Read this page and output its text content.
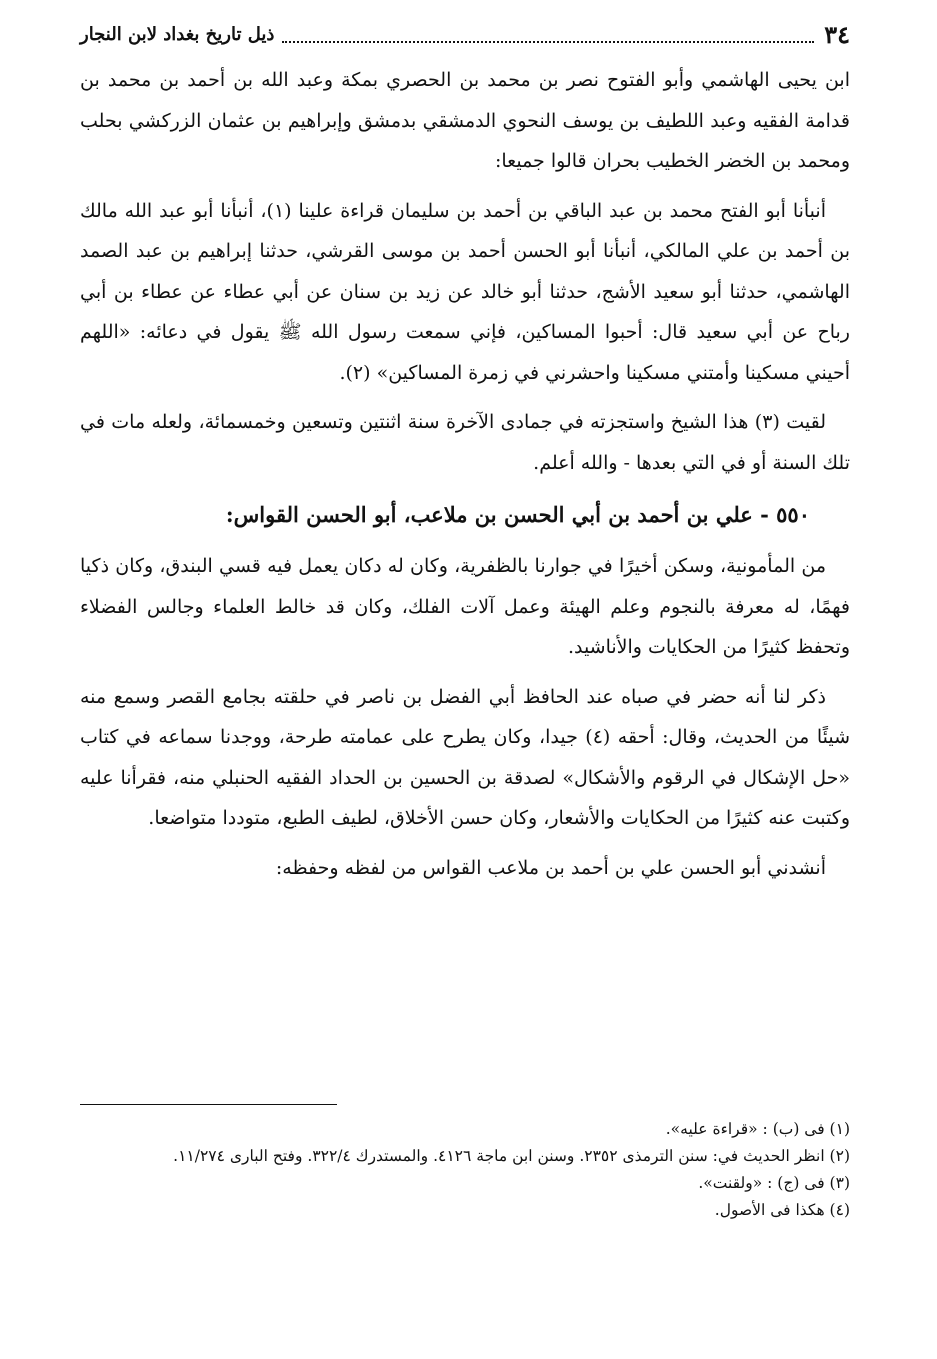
٣٤
ذيل تاريخ بغداد لابن النجار

ابن يحيى الهاشمي وأبو الفتوح نصر بن محمد بن الحصري بمكة وعبد الله بن أحمد بن محمد بن قدامة الفقيه وعبد اللطيف بن يوسف النحوي الدمشقي بدمشق وإبراهيم بن عثمان الزركشي بحلب ومحمد بن الخضر الخطيب بحران قالوا جميعا:

أنبأنا أبو الفتح محمد بن عبد الباقي بن أحمد بن سليمان قراءة علينا (١)، أنبأنا أبو عبد الله مالك بن أحمد بن علي المالكي، أنبأنا أبو الحسن أحمد بن موسى القرشي، حدثنا إبراهيم بن عبد الصمد الهاشمي، حدثنا أبو سعيد الأشج، حدثنا أبو خالد عن زيد بن سنان عن أبي عطاء عن عطاء بن أبي رباح عن أبي سعيد قال: أحبوا المساكين، فإني سمعت رسول الله ﷺ يقول في دعائه: «اللهم أحيني مسكينا وأمتني مسكينا واحشرني في زمرة المساكين» (٢).

لقيت (٣) هذا الشيخ واستجزته في جمادى الآخرة سنة اثنتين وتسعين وخمسمائة، ولعله مات في تلك السنة أو في التي بعدها - والله أعلم.

٥٥٠ - علي بن أحمد بن أبي الحسن بن ملاعب، أبو الحسن القواس:

من المأمونية، وسكن أخيرًا في جوارنا بالظفرية، وكان له دكان يعمل فيه قسي البندق، وكان ذكيا فهمًا، له معرفة بالنجوم وعلم الهيئة وعمل آلات الفلك، وكان قد خالط العلماء وجالس الفضلاء وتحفظ كثيرًا من الحكايات والأناشيد.

ذكر لنا أنه حضر في صباه عند الحافظ أبي الفضل بن ناصر في حلقته بجامع القصر وسمع منه شيئًا من الحديث، وقال: أحقه (٤) جيدا، وكان يطرح على عمامته طرحة، ووجدنا سماعه في كتاب «حل الإشكال في الرقوم والأشكال» لصدقة بن الحسين بن الحداد الفقيه الحنبلي منه، فقرأنا عليه وكتبت عنه كثيرًا من الحكايات والأشعار، وكان حسن الأخلاق، لطيف الطبع، متوددا متواضعا.

أنشدني أبو الحسن علي بن أحمد بن ملاعب القواس من لفظه وحفظه:

(١) فى (ب) : «قراءة عليه».

(٢) انظر الحديث في: سنن الترمذى ٢٣٥٢. وسنن ابن ماجة ٤١٢٦. والمستدرك ٣٢٢/٤. وفتح البارى ١١/٢٧٤.

(٣) فى (ج) : «ولقنت».

(٤) هكذا فى الأصول.
